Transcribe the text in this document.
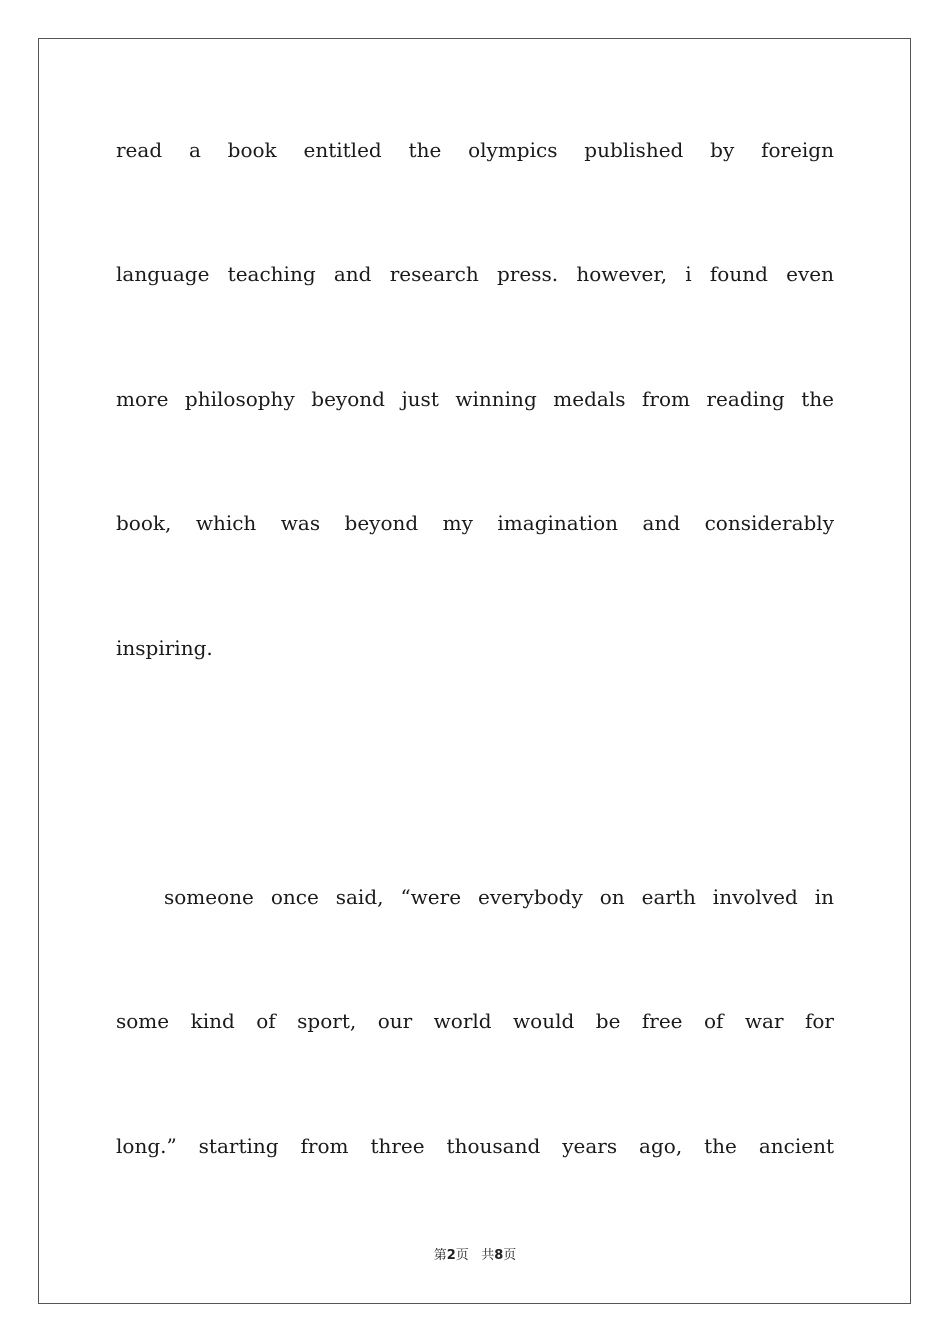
read a book entitled the olympics published by foreign
language teaching and research press. however, i found even
more philosophy beyond just winning medals from reading the
book, which was beyond my imagination and considerably
inspiring.
someone once said, “were everybody on earth involved in
some kind of sport, our world would be free of war for
long.” starting from three thousand years ago, the ancient
第2页 共8页
